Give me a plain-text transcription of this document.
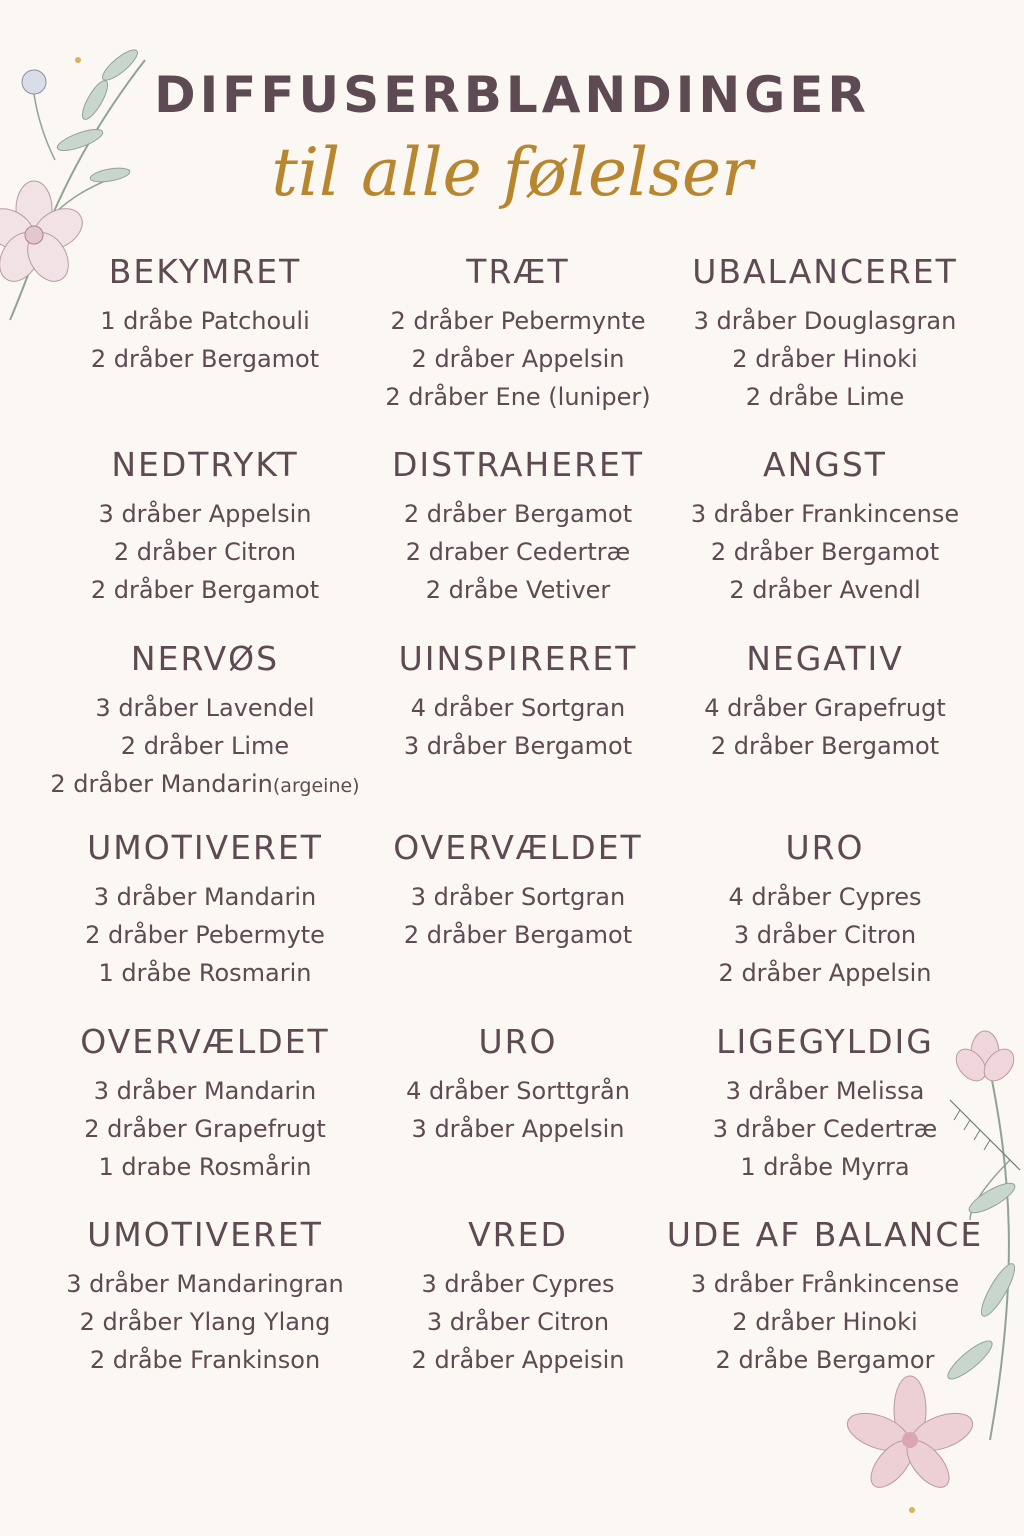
DIFFUSERBLANDINGER
til alle følelser
BEKYMRET
1 dråbe Patchouli
2 dråber Bergamot
TRÆT
2 dråber Pebermynte
2 dråber Appelsin
2 dråber Ene (luniper)
UBALANCERET
3 dråber Douglasgran
2 dråber Hinoki
2 dråbe Lime
NEDTRYKT
3 dråber Appelsin
2 dråber Citron
2 dråber Bergamot
DISTRAHERET
2 dråber Bergamot
2 draber Cedertræ
2 dråbe Vetiver
ANGST
3 dråber Frankincense
2 dråber Bergamot
2 dråber Avendl
NERVØS
3 dråber Lavendel
2 dråber Lime
2 dråber Mandarin(argeine)
UINSPIRERET
4 dråber Sortgran
3 dråber Bergamot
NEGATIV
4 dråber Grapefrugt
2 dråber Bergamot
UMOTIVERET
3 dråber Mandarin
2 dråber Pebermyte
1 dråbe Rosmarin
OVERVÆLDET
3 dråber Sortgran
2 dråber Bergamot
URO
4 dråber Cypres
3 dråber Citron
2 dråber Appelsin
OVERVÆLDET
3 dråber Mandarin
2 dråber Grapefrugt
1 drabe Rosmårin
URO
4 dråber Sorttgrån
3 dråber Appelsin
LIGEGYLDIG
3 dråber Melissa
3 dråber Cedertræ
1 dråbe Myrra
UMOTIVERET
3 dråber Mandaringran
2 dråber Ylang Ylang
2 dråbe Frankinson
VRED
3 dråber Cypres
3 dråber Citron
2 dråber Appeisin
UDE AF BALANCE
3 dråber Frånkincense
2 dråber Hinoki
2 dråbe Bergamor
